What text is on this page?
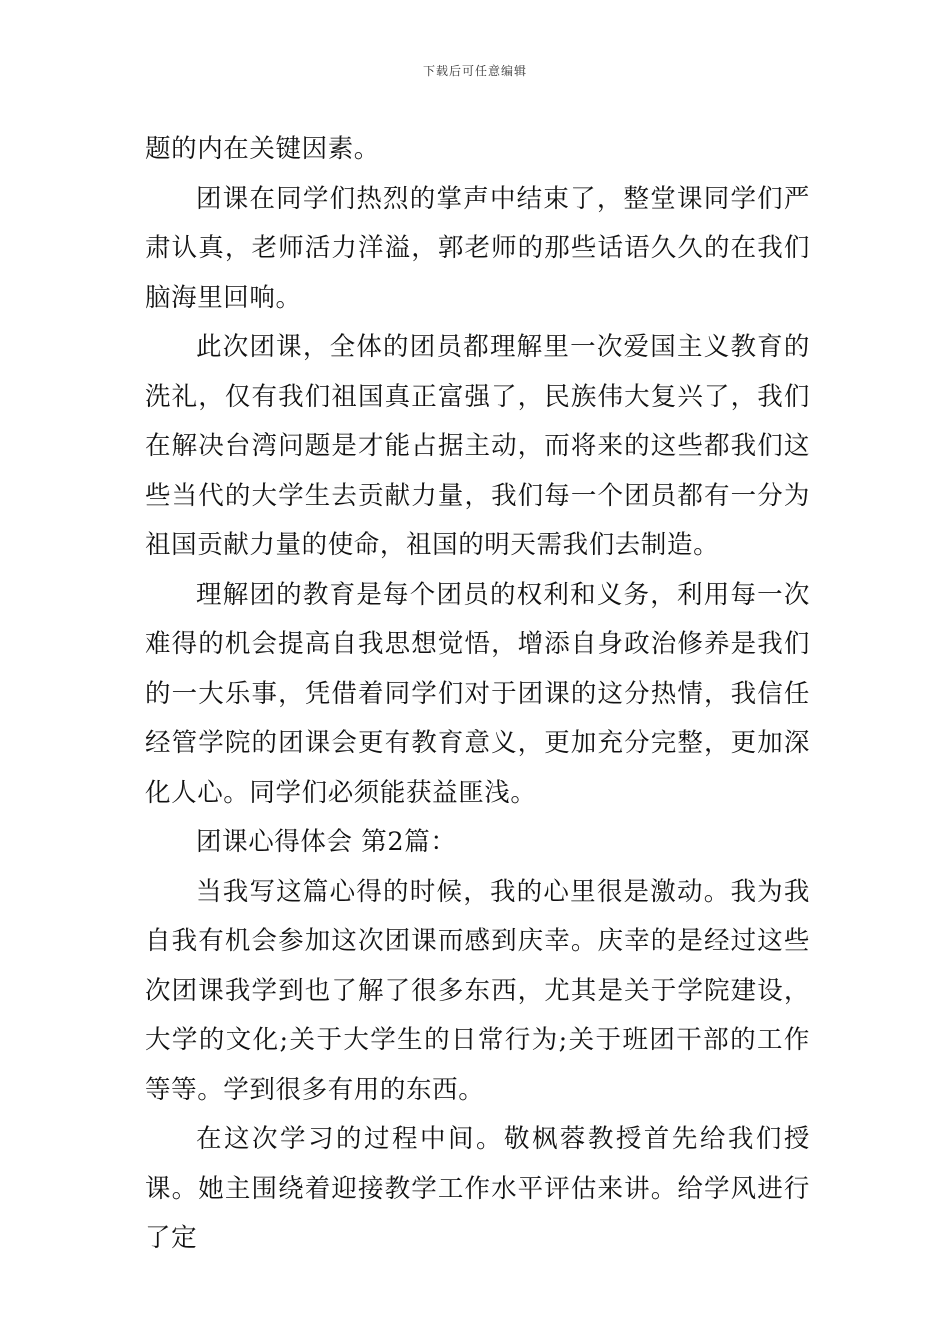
下载后可任意编辑

题的内在关键因素。

团课在同学们热烈的掌声中结束了，整堂课同学们严肃认真，老师活力洋溢，郭老师的那些话语久久的在我们脑海里回响。

此次团课，全体的团员都理解里一次爱国主义教育的洗礼，仅有我们祖国真正富强了，民族伟大复兴了，我们在解决台湾问题是才能占据主动，而将来的这些都我们这些当代的大学生去贡献力量，我们每一个团员都有一分为祖国贡献力量的使命，祖国的明天需我们去制造。

理解团的教育是每个团员的权利和义务，利用每一次难得的机会提高自我思想觉悟，增添自身政治修养是我们的一大乐事，凭借着同学们对于团课的这分热情，我信任经管学院的团课会更有教育意义，更加充分完整，更加深化人心。同学们必须能获益匪浅。

团课心得体会 第2篇：

当我写这篇心得的时候，我的心里很是激动。我为我自我有机会参加这次团课而感到庆幸。庆幸的是经过这些次团课我学到也了解了很多东西，尤其是关于学院建设，大学的文化;关于大学生的日常行为;关于班团干部的工作等等。学到很多有用的东西。

在这次学习的过程中间。敬枫蓉教授首先给我们授课。她主围绕着迎接教学工作水平评估来讲。给学风进行了定
